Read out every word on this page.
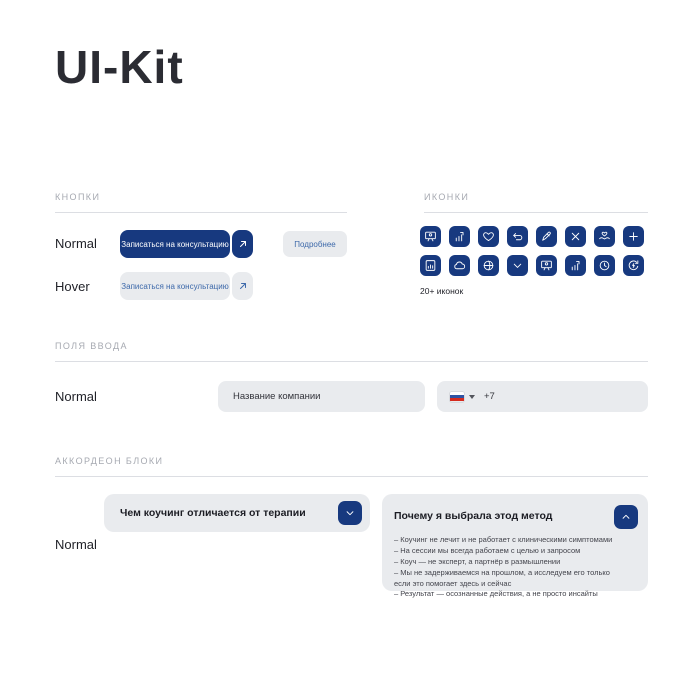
UI-Kit
КНОПКИ
Normal	Записаться на консультацию	Подробнее
Hover	Записаться на консультацию
ИКОНКИ
20+ иконок
ПОЛЯ ВВОДА
Normal	Название компании	+7
АККОРДЕОН БЛОКИ
Normal
Чем коучинг отличается от терапии	Почему я выбрала этод метод
– Коучинг не лечит и не работает с клиническими симптомами
– На сессии мы всегда работаем с целью и запросом
– Коуч — не эксперт, а партнёр в размышлении
– Мы не задерживаемся на прошлом, а исследуем его только если это помогает здесь и сейчас
– Результат — осознанные действия, а не просто инсайты
